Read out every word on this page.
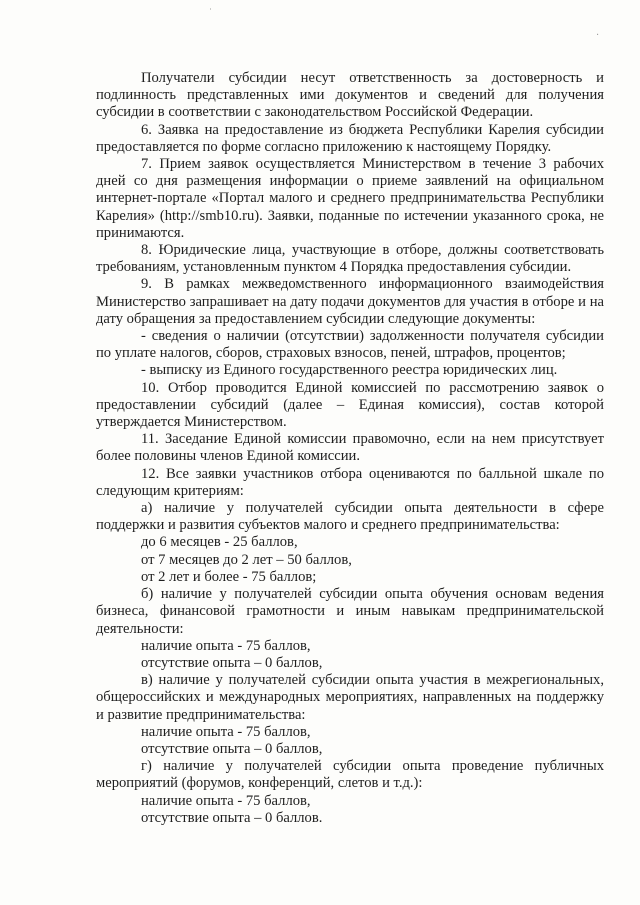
˙
·

Получатели субсидии несут ответственность за достоверность и подлинность представленных ими документов и сведений для получения субсидии в соответствии с законодательством Российской Федерации.

6. Заявка на предоставление из бюджета Республики Карелия субсидии предоставляется по форме согласно приложению к настоящему Порядку.

7. Прием заявок осуществляется Министерством в течение 3 рабочих дней со дня размещения информации о приеме заявлений на официальном интернет-портале «Портал малого и среднего предпринимательства Республики Карелия» (http://smb10.ru). Заявки, поданные по истечении указанного срока, не принимаются.

8. Юридические лица, участвующие в отборе, должны соответствовать требованиям, установленным пунктом 4 Порядка предоставления субсидии.

9. В рамках межведомственного информационного взаимодействия Министерство запрашивает на дату подачи документов для участия в отборе и на дату обращения за предоставлением субсидии следующие документы:

- сведения о наличии (отсутствии) задолженности получателя субсидии по уплате налогов, сборов, страховых взносов, пеней, штрафов, процентов;

- выписку из Единого государственного реестра юридических лиц.

10. Отбор проводится Единой комиссией по рассмотрению заявок о предоставлении субсидий (далее – Единая комиссия), состав которой утверждается Министерством.

11. Заседание Единой комиссии правомочно, если на нем присутствует более половины членов Единой комиссии.

12. Все заявки участников отбора оцениваются по балльной шкале по следующим критериям:

а) наличие у получателей субсидии опыта деятельности в сфере поддержки и развития субъектов малого и среднего предпринимательства:

до 6 месяцев - 25 баллов,

от 7 месяцев до 2 лет – 50 баллов,

от 2 лет и более - 75 баллов;

б) наличие у получателей субсидии опыта обучения основам ведения бизнеса, финансовой грамотности и иным навыкам предпринимательской деятельности:

наличие опыта - 75 баллов,

отсутствие опыта – 0 баллов,

в) наличие у получателей субсидии опыта участия в межрегиональных, общероссийских и международных мероприятиях, направленных на поддержку и развитие предпринимательства:

наличие опыта - 75 баллов,

отсутствие опыта – 0 баллов,

г) наличие у получателей субсидии опыта проведение публичных мероприятий (форумов, конференций, слетов и т.д.):

наличие опыта - 75 баллов,

отсутствие опыта – 0 баллов.
